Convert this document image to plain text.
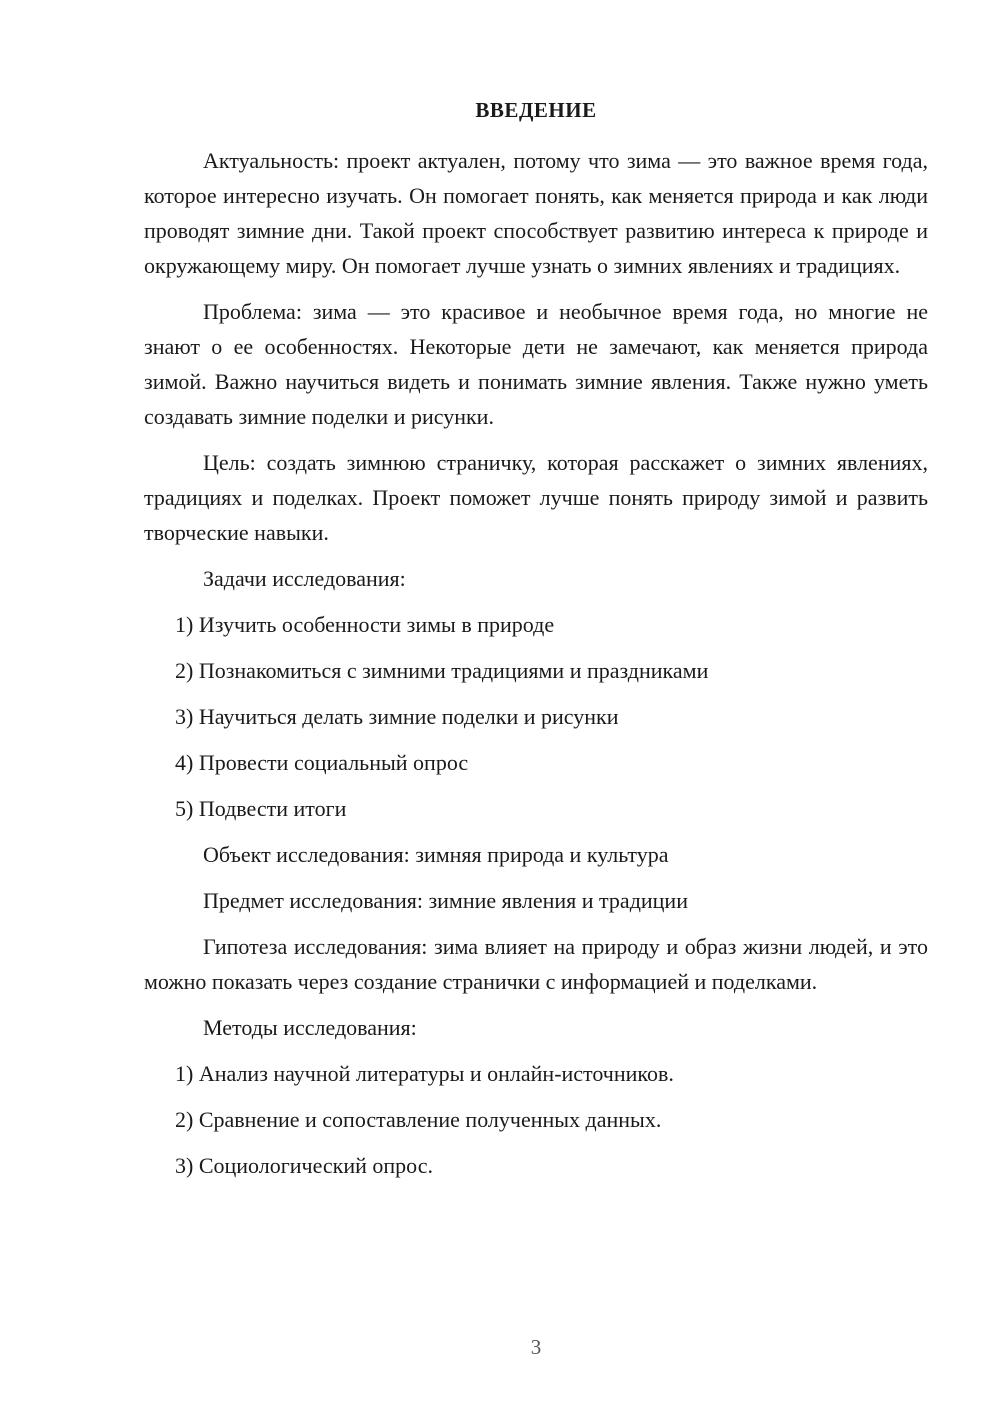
ВВЕДЕНИЕ

Актуальность: проект актуален, потому что зима — это важное время года, которое интересно изучать. Он помогает понять, как меняется природа и как люди проводят зимние дни. Такой проект способствует развитию интереса к природе и окружающему миру. Он помогает лучше узнать о зимних явлениях и традициях.

Проблема: зима — это красивое и необычное время года, но многие не знают о ее особенностях. Некоторые дети не замечают, как меняется природа зимой. Важно научиться видеть и понимать зимние явления. Также нужно уметь создавать зимние поделки и рисунки.

Цель: создать зимнюю страничку, которая расскажет о зимних явлениях, традициях и поделках. Проект поможет лучше понять природу зимой и развить творческие навыки.

Задачи исследования:

1) Изучить особенности зимы в природе

2) Познакомиться с зимними традициями и праздниками

3) Научиться делать зимние поделки и рисунки

4) Провести социальный опрос

5) Подвести итоги

Объект исследования: зимняя природа и культура

Предмет исследования: зимние явления и традиции

Гипотеза исследования: зима влияет на природу и образ жизни людей, и это можно показать через создание странички с информацией и поделками.

Методы исследования:

1) Анализ научной литературы и онлайн-источников.

2) Сравнение и сопоставление полученных данных.

3) Социологический опрос.

3
